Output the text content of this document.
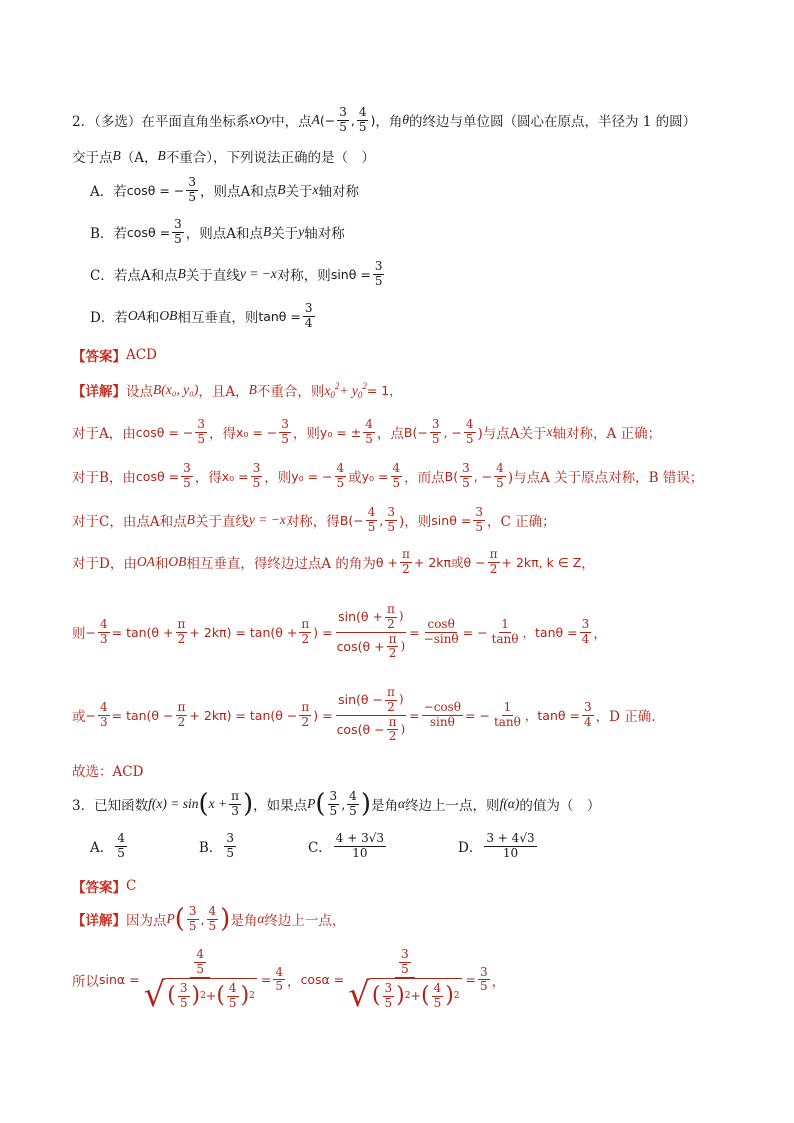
2．（多选）在平面直角坐标系 xOy 中，点 A (− $\frac{3}{5}$ , $\frac{4}{5}$ ) ，角 θ 的终边与单位圆（圆心在原点，半径为 1 的圆）
交于点 B （A， B 不重合），下列说法正确的是（　）
A．若 cosθ = − $\frac{3}{5}$ ，则点A和点 B 关于 x 轴对称
B．若 $\cos\theta = \frac{3}{5}$ ，则点A和点 B 关于 y 轴对称
C．若点A和点 B 关于直线 y = −x 对称，则 $\sin\theta = \frac{3}{5}$
D．若 OA 和 OB 相互垂直，则 $\tan\theta = \frac{3}{4}$
【答案】 ACD
【详解】 设点 B(x₀, y₀) ，且A， B 不重合，则 $x_0^2+ y_0^2 = 1$，
对于A，由 cosθ = − $\frac{3}{5}$ ，得 x₀ = − $\frac{3}{5}$ ，则 y₀ = ± $\frac{4}{5}$ ，点 $B(- \frac{3}{5}$ , − $\frac{4}{5}$ )与点A关于 x 轴对称，A 正确；
对于B，由 $\cos\theta = \frac{3}{5}$ ，得 $x_0 = \frac{3}{5}$ ，则 y₀ = − $\frac{4}{5}$ 或 $y_0 = \frac{4}{5}$ ，而点 $B( \frac{3}{5}$ , − $\frac{4}{5}$ )与点A 关于原点对称，B 错误；
对于C，由点A和点 B 关于直线 y = −x 对称，得 $B(- \frac{4}{5}$ , $\frac{3}{5}$ )，则 $\sin\theta = \frac{3}{5}$ ，C 正确；
对于D，由 OA 和 OB 相互垂直，得终边过点A 的角为 $\theta + \frac{\pi}{2} + 2k\pi$或$\theta - \frac{\pi}{2} + 2k\pi$, k ∈ Z ，
则 − $\frac{4}{3} = \tan(\theta + \frac{\pi}{2} + 2k\pi) = \tan(\theta + \frac{\pi}{2}$ ) = $\frac{\sin(\theta + \frac{\pi}{2} )}{\cos(\theta + \frac{\pi}{2} )} = \frac{\cos\theta}{-\sin\theta}$ = − $\frac{1}{\tan\theta}$ ，$\tan\theta = \frac{3}{4}$ ，
或 − $\frac{4}{3} = \tan(\theta - \frac{\pi}{2} + 2k\pi) = \tan(\theta - \frac{\pi}{2}$ ) = $\frac{\sin(\theta - \frac{\pi}{2} )}{\cos(\theta - \frac{\pi}{2} )} = \frac{-\cos\theta}{\sin\theta}$ = − $\frac{1}{\tan\theta}$ ，$\tan\theta = \frac{3}{4}$ ，D 正确.
故选：ACD
3．已知函数 f(x) = sin ( $x + \frac{\pi}{3}$ ) ，如果点 P ( $\frac{3}{5}$ , $\frac{4}{5}$ ) 是角 α 终边上一点，则 f(α) 的值为（　）
A． $\frac{4}{5}$	B． $\frac{3}{5}$	C． $\frac{4 + 3√3}{10}$	D． $\frac{3 + 4√3}{10}$
【答案】 C
【详解】 因为点 P ( $\frac{3}{5}$ , $\frac{4}{5}$ ) 是角 α 终边上一点，
所以 $\sin\alpha = \frac{\frac{4}{5}}{√ ( \frac{3}{5} ) 2 + ( \frac{4}{5} ) 2} = \frac{4}{5}$ ， $\cos\alpha = \frac{\frac{3}{5}}{√ ( \frac{3}{5} ) 2 + ( \frac{4}{5} ) 2} = \frac{3}{5}$ ，
